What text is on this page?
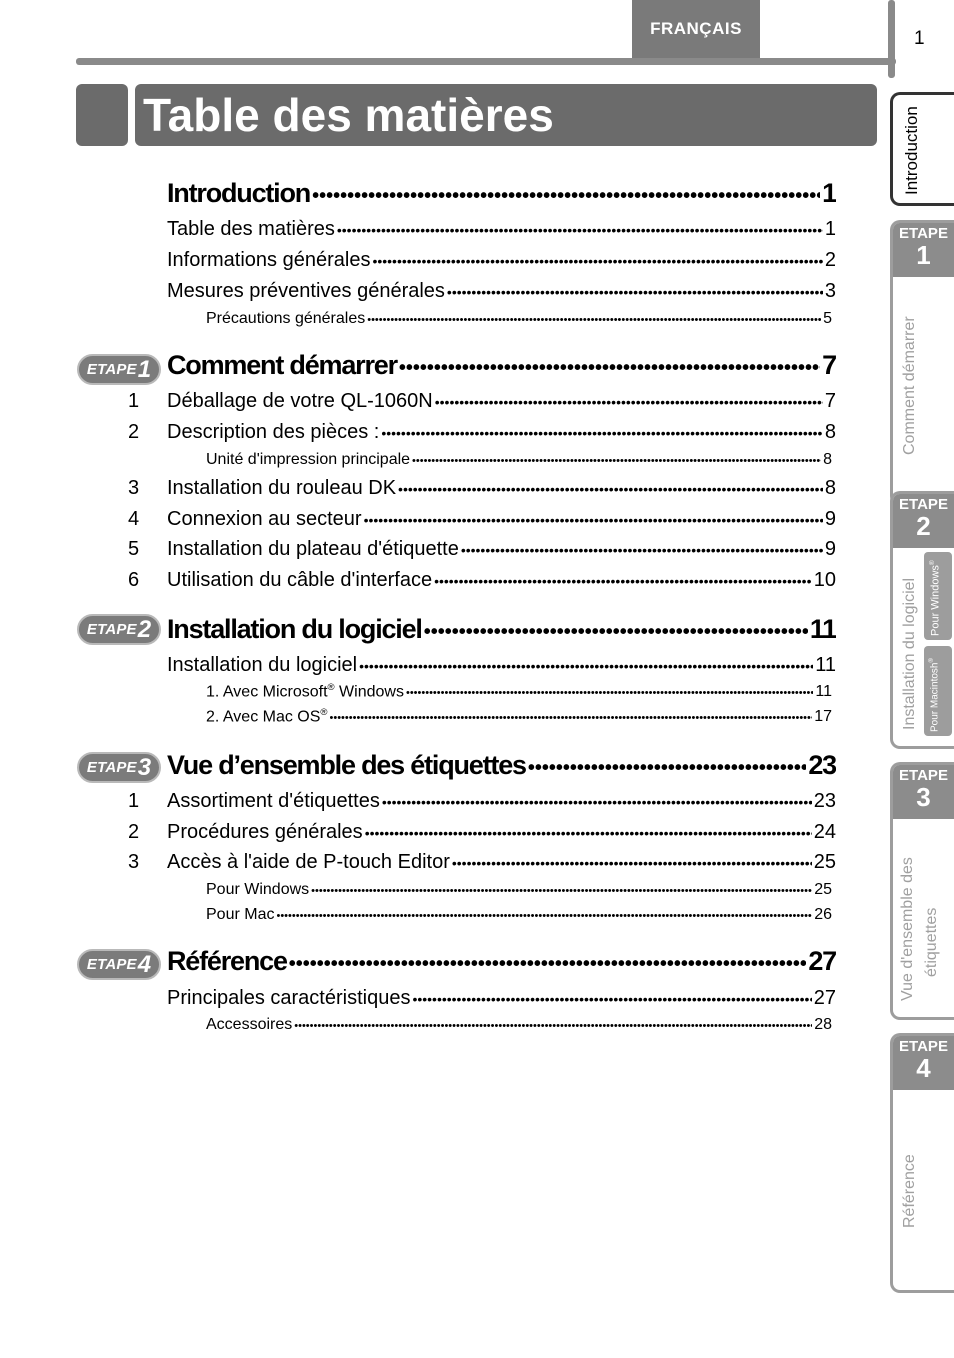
FRANÇAIS	1
Table des matières
Introduction •••••	1
Table des matières •••••	1
Informations générales •••••	2
Mesures préventives générales •••••	3
Précautions générales •••••	5
ETAPE 1 Comment démarrer •••••	7
1 Déballage de votre QL-1060N •••••	7
2 Description des pièces : •••••	8
Unité d'impression principale •••••	8
3 Installation du rouleau DK •••••	8
4 Connexion au secteur •••••	9
5 Installation du plateau d'étiquette •••••	9
6 Utilisation du câble d'interface •••••	10
ETAPE 2 Installation du logiciel •••••	11
Installation du logiciel •••••	11
1. Avec Microsoft® Windows •••••	11
2. Avec Mac OS® •••••	17
ETAPE 3 Vue d’ensemble des étiquettes •••••	23
1 Assortiment d'étiquettes •••••	23
2 Procédures générales •••••	24
3 Accès à l'aide de P-touch Editor •••••	25
Pour Windows •••••	25
Pour Mac •••••	26
ETAPE 4 Référence •••••	27
Principales caractéristiques •••••	27
Accessoires •••••	28
Introduction
ETAPE
1
Comment démarrer
ETAPE
2
Installation du logiciel Pour Windows®
Pour Macintosh®
ETAPE
3
Vue d'ensemble des étiquettes
ETAPE
4
Référence
